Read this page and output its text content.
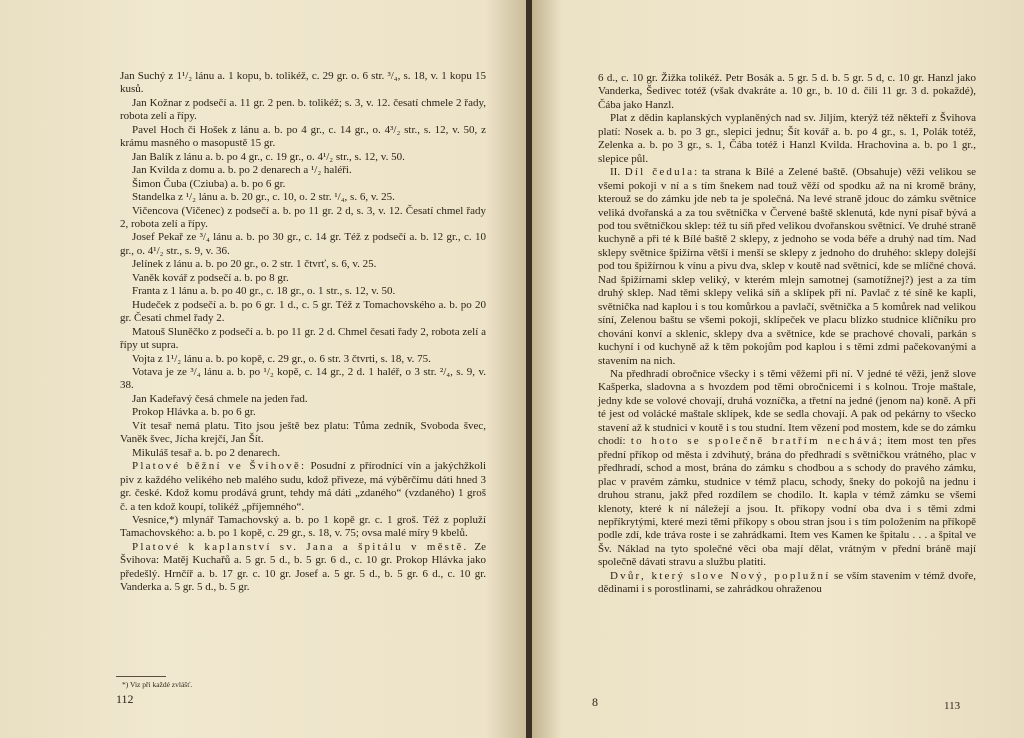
Jan Suchý z 1¹/₂ lánu a. 1 kopu, b. tolikéž, c. 29 gr. o. 6 str. ³/₄, s. 18, v. 1 kopu 15 kusů.

Jan Kožnar z podsečí a. 11 gr. 2 pen. b. tolikéž; s. 3, v. 12. česatí chmele 2 řady, robota zelí a řípy.

Pavel Hoch či Hošek z lánu a. b. po 4 gr., c. 14 gr., o. 4³/₂ str., s. 12, v. 50, z krámu masného o masopustě 15 gr.

Jan Balík z lánu a. b. po 4 gr., c. 19 gr., o. 4¹/₂ str., s. 12, v. 50.

Jan Kvilda z domu a. b. po 2 denarech a ¹/₂ haléři.

Šimon Čuba (Cziuba) a. b. po 6 gr.

Standelka z ¹/₂ lánu a. b. 20 gr., c. 10, o. 2 str. ¹/₄, s. 6, v. 25.

Vičencova (Vičenec) z podsečí a. b. po 11 gr. 2 d, s. 3, v. 12. Česatí chmel řady 2, robota zelí a řípy.

Josef Pekař ze ³/₄ lánu a. b. po 30 gr., c. 14 gr. Též z podsečí a. b. 12 gr., c. 10 gr., o. 4¹/₂ str., s. 9, v. 36.

Jelínek z lánu a. b. po 20 gr., o. 2 str. 1 čtvrť, s. 6, v. 25.

Vaněk kovář z podsečí a. b. po 8 gr.

Franta z 1 lánu a. b. po 40 gr., c. 18 gr., o. 1 str., s. 12, v. 50.

Hudeček z podsečí a. b. po 6 gr. 1 d., c. 5 gr. Též z Tomachovského a. b. po 20 gr. Česati chmel řady 2.

Matouš Sluněčko z podsečí a. b. po 11 gr. 2 d. Chmel česati řady 2, robota zelí a řípy ut supra.

Vojta z 1¹/₂ lánu a. b. po kopě, c. 29 gr., o. 6 str. 3 čtvrti, s. 18, v. 75.

Votava je ze ³/₄ lánu a. b. po ¹/₂ kopě, c. 14 gr., 2 d. 1 haléř, o 3 str. ²/₄, s. 9, v. 38.

Jan Kadeřavý česá chmele na jeden řad.

Prokop Hlávka a. b. po 6 gr.

Vít tesař nemá platu. Tito jsou ještě bez platu: Tůma zedník, Svoboda švec, Vaněk švec, Jícha krejčí, Jan Šít.

Mikuláš tesař a. b. po 2 denarech.

Platové běžní ve Švihově: Posudní z přírodnící vín a jakýchžkoli piv z každého velikého neb malého sudu, kdož přiveze, má výběrčímu dáti hned 3 gr. české. Kdož komu prodává grunt, tehdy má dáti „zdaného“ (vzdaného) 1 groš č. a ten kdož koupí, tolikéž „příjemného“.

Vesnice,*) mlynář Tamachovský a. b. po 1 kopě gr. c. 1 groš. Též z popluží Tamachovského: a. b. po 1 kopě, c. 29 gr., s. 18, v. 75; ovsa malé míry 9 kbelů.

Platové k kaplanství sv. Jana a špitálu v městě. Ze Švihova: Matěj Kuchařů a. 5 gr. 5 d., b. 5 gr. 6 d., c. 10 gr. Prokop Hlávka jako předešlý. Hrnčíř a. b. 17 gr. c. 10 gr. Josef a. 5 gr. 5 d., b. 5 gr. 6 d., c. 10 gr. Vanderka a. 5 gr. 5 d., b. 5 gr.

*) Viz při každé zvlášť.
112

6 d., c. 10 gr. Žižka tolikéž. Petr Bosák a. 5 gr. 5 d. b. 5 gr. 5 d, c. 10 gr. Hanzl jako Vanderka, Šedivec totéž (však dvakráte a. 10 gr., b. 10 d. čili 11 gr. 3 d. pokaždé), Čába jako Hanzl.

Plat z dědin kaplanských vyplaněných nad sv. Jiljím, kterýž též někteří z Švihova platí: Nosek a. b. po 3 gr., slepici jednu; Šít kovář a. b. po 4 gr., s. 1, Polák totéž, Zelenka a. b. po 3 gr., s. 1, Čába totéž i Hanzl Kvilda. Hrachovina a. b. po 1 gr., slepice půl.

II. Díl čedula: ta strana k Bílé a Zelené baště. (Obsahuje) věži velikou se všemi pokoji v ní a s tím šnekem nad touž věží od spodku až na ni kromě brány, kterouž se do zámku jde neb ta je společná. Na levé straně jdouc do zámku světnice veliká dvořanská a za tou světnička v Červené baště sklenutá, kde nyní písař bývá a pod tou světničkou sklep: též tu síň před velikou dvořanskou světnicí. Ve druhé straně kuchyně a při té k Bílé baště 2 sklepy, z jednoho se voda béře a druhý nad tím. Nad sklepy světnice špižírna větší i menší se sklepy z jednoho do druhého: sklepy dolejší pod tou špižírnou k vínu a pivu dva, sklep v koutě nad světnicí, kde se mlíčné chová. Nad špižírnami sklep veliký, v kterém mlejn samotnej (samotížnej?) jest a za tím druhý sklep. Nad těmi sklepy veliká síň a sklípek při ní. Pavlač z té síně ke kapli, světnička nad kaplou i s tou komůrkou a pavlačí, světnička a 5 komůrek nad velikou síní, Zelenou baštu se všemi pokoji, sklípeček ve placu blízko studnice klíčníku pro chování konví a sklenic, sklepy dva a světnice, kde se prachové chovali, parkán s kuchyní i od kuchyně až k těm pokojům pod kaplou i s těmi zdmi pačekovanými a stavením na nich.

Na předhradí obročnice všecky i s těmi věžemi při ní. V jedné té věži, jenž slove Kašperka, sladovna a s hvozdem pod těmi obročnicemi i s kolnou. Troje maštale, jedny kde se volové chovají, druhá vozníčka, a třetní na jedné (jenom na) koně. A při té jest od volácké maštale sklípek, kde se sedla chovají. A pak od pekárny to všecko stavení až k studnici v koutě i s tou studní. Item vězení pod mostem, kde se do zámku chodí: to hoto se společně bratřím nechává; item most ten přes přední příkop od města i zdvihutý, brána do předhradí s světničkou vrátného, plac v předhradí, schod a most, brána do zámku s chodbou a s schody do pravého zámku, plac v pravém zámku, studnice v témž placu, schody, šneky do pokojů na jednu i druhou stranu, jakž před rozdílem se chodilo. It. kapla v témž zámku se všemi klenoty, které k ní náležejí a jsou. It. příkopy vodní oba dva i s těmi zdmi nepříkrytými, které mezi těmi příkopy s obou stran jsou i s tím položením na příkopě podle zdí, kde tráva roste i se zahrádkami. Item ves Kamen ke špitalu . . . a špital ve Šv. Náklad na tyto společné věci oba mají dělat, vrátným v přední bráně mají společně dávati stravu a službu platiti.

Dvůr, který slove Nový, poplužní se vším stavením v témž dvoře, dědinami i s porostlinami, se zahrádkou ohraženou

8	113
